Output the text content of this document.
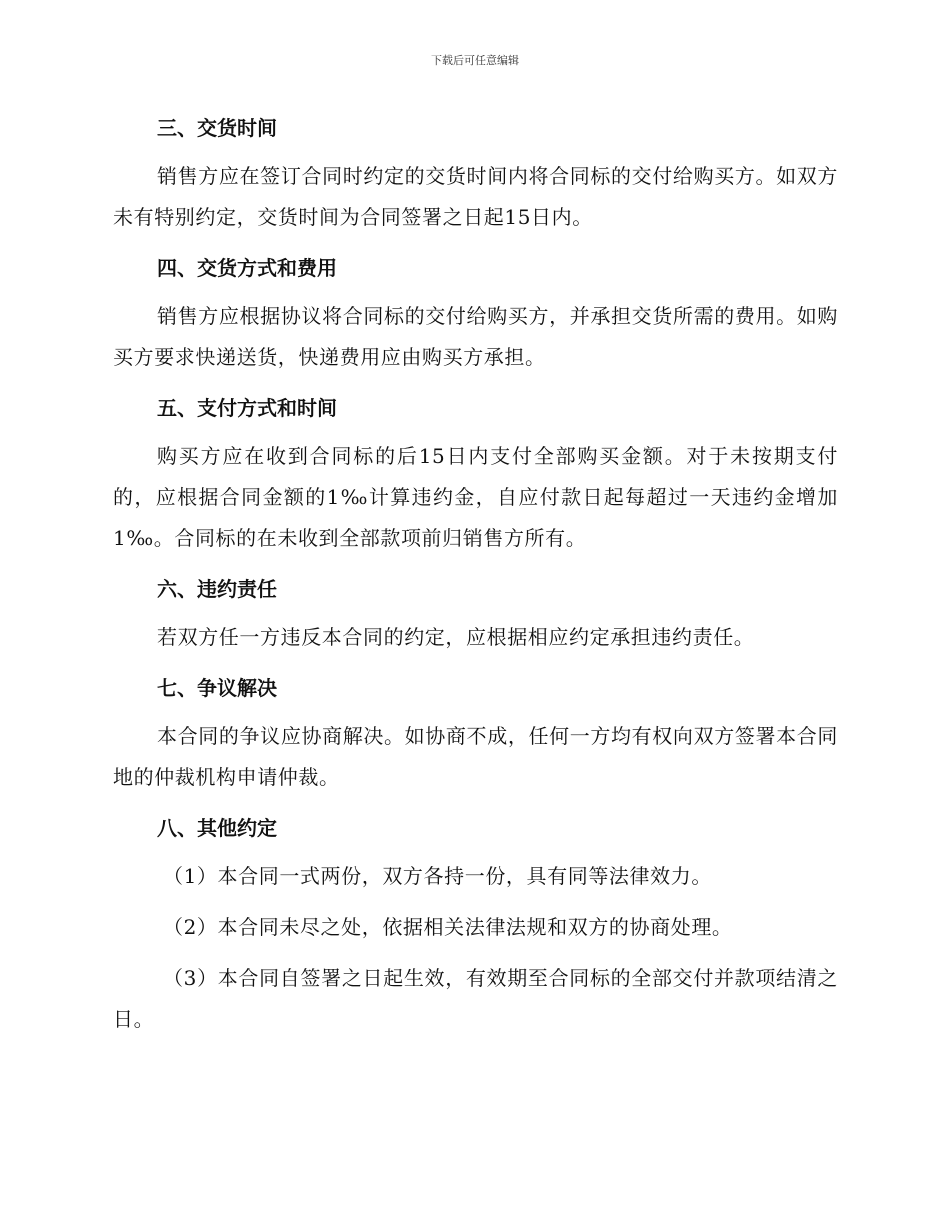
下载后可任意编辑

三、交货时间

销售方应在签订合同时约定的交货时间内将合同标的交付给购买方。如双方未有特别约定，交货时间为合同签署之日起15日内。

四、交货方式和费用

销售方应根据协议将合同标的交付给购买方，并承担交货所需的费用。如购买方要求快递送货，快递费用应由购买方承担。

五、支付方式和时间

购买方应在收到合同标的后15日内支付全部购买金额。对于未按期支付的，应根据合同金额的1‰计算违约金，自应付款日起每超过一天违约金增加1‰。合同标的在未收到全部款项前归销售方所有。

六、违约责任

若双方任一方违反本合同的约定，应根据相应约定承担违约责任。

七、争议解决

本合同的争议应协商解决。如协商不成，任何一方均有权向双方签署本合同地的仲裁机构申请仲裁。

八、其他约定

（1）本合同一式两份，双方各持一份，具有同等法律效力。

（2）本合同未尽之处，依据相关法律法规和双方的协商处理。

（3）本合同自签署之日起生效，有效期至合同标的全部交付并款项结清之日。
